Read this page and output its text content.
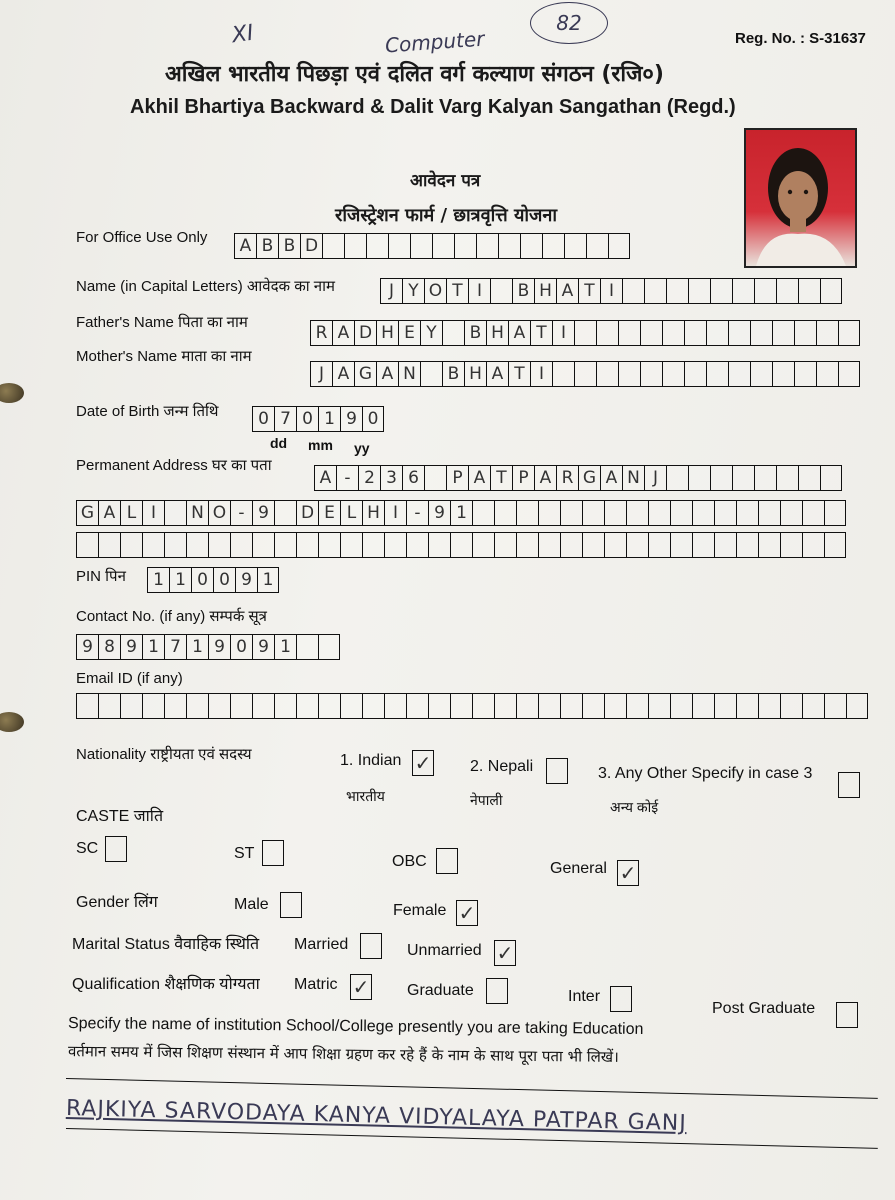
Reg. No. : S-31637
XI	Computer
82
अखिल भारतीय पिछड़ा एवं दलित वर्ग कल्याण संगठन (रजि०)
Akhil Bhartiya Backward & Dalit Varg Kalyan Sangathan (Regd.)
आवेदन पत्र
रजिस्ट्रेशन फार्म / छात्रवृत्ति योजना
For Office Use Only	A B B D
Name (in Capital Letters) आवेदक का नाम	J Y O T I	B H A T I
Father's Name पिता का नाम
R A D H E Y	B H A T I
Mother's Name माता का नाम
J A G A N	B H A T I
Date of Birth जन्म तिथि	0 7 0 1 9 0
dd mm yy
Permanent Address घर का पता
A - 2 3 6	P A T P A R G A N J
G A L I	N O - 9 D E L H I - 9 1
PIN पिन	1 1 0 0 9 1
Contact No. (if any) सम्पर्क सूत्र
9 8 9 1 7 1 9 0 9 1
Email ID (if any)
Nationality राष्ट्रीयता एवं सदस्य	1. Indian ✓
भारतीय
2. Nepali
नेपाली
3. Any Other Specify in case 3
अन्य कोई
CASTE जाति
SC	ST	OBC	General ✓
Gender लिंग	Male	Female ✓
Marital Status वैवाहिक स्थिति Married	Unmarried ✓
Qualification शैक्षणिक योग्यता Matric ✓ Graduate	Inter
Post Graduate
Specify the name of institution School/College presently you are taking Education
वर्तमान समय में जिस शिक्षण संस्थान में आप शिक्षा ग्रहण कर रहे हैं के नाम के साथ पूरा पता भी लिखें।
RAJKIYA SARVODAYA KANYA VIDYALAYA PATPAR GANJ
